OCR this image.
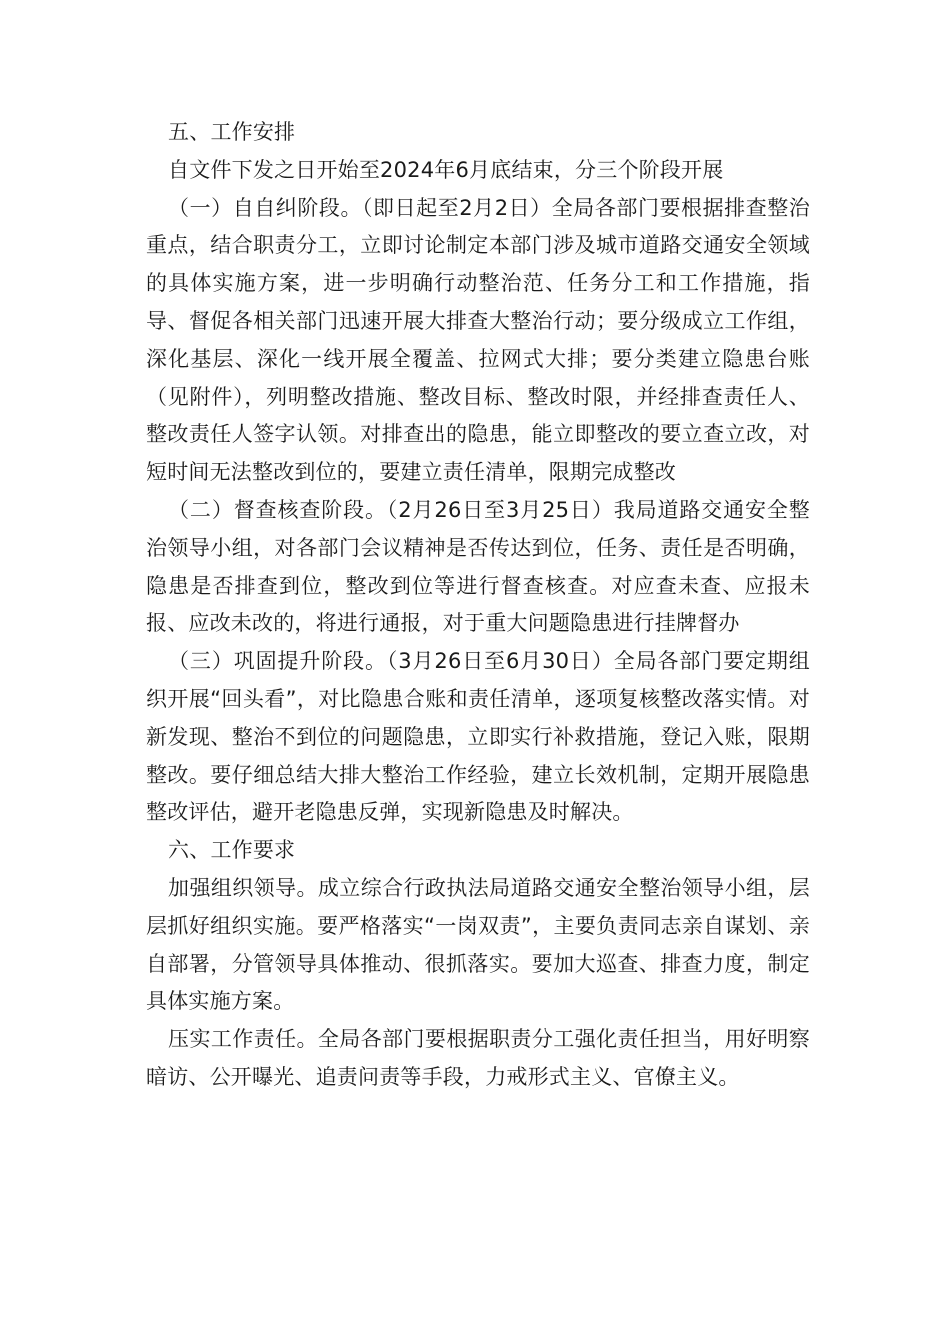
五、工作安排

自文件下发之日开始至2024年6月底结束，分三个阶段开展

（一）自自纠阶段。（即日起至2月2日）全局各部门要根据排查整治重点，结合职责分工，立即讨论制定本部门涉及城市道路交通安全领域的具体实施方案，进一步明确行动整治范、任务分工和工作措施，指导、督促各相关部门迅速开展大排查大整治行动；要分级成立工作组，深化基层、深化一线开展全覆盖、拉网式大排；要分类建立隐患台账（见附件），列明整改措施、整改目标、整改时限，并经排查责任人、整改责任人签字认领。对排查出的隐患，能立即整改的要立查立改，对短时间无法整改到位的，要建立责任清单，限期完成整改

（二）督查核查阶段。（2月26日至3月25日）我局道路交通安全整治领导小组，对各部门会议精神是否传达到位，任务、责任是否明确，隐患是否排查到位，整改到位等进行督查核查。对应查未查、应报未报、应改未改的，将进行通报，对于重大问题隐患进行挂牌督办

（三）巩固提升阶段。（3月26日至6月30日）全局各部门要定期组织开展“回头看”，对比隐患合账和责任清单，逐项复核整改落实情。对新发现、整治不到位的问题隐患，立即实行补救措施，登记入账，限期整改。要仔细总结大排大整治工作经验，建立长效机制，定期开展隐患整改评估，避开老隐患反弹，实现新隐患及时解决。

六、工作要求

加强组织领导。成立综合行政执法局道路交通安全整治领导小组，层层抓好组织实施。要严格落实“一岗双责”，主要负责同志亲自谋划、亲自部署，分管领导具体推动、很抓落实。要加大巡查、排查力度，制定具体实施方案。

压实工作责任。全局各部门要根据职责分工强化责任担当，用好明察暗访、公开曝光、追责问责等手段，力戒形式主义、官僚主义。
